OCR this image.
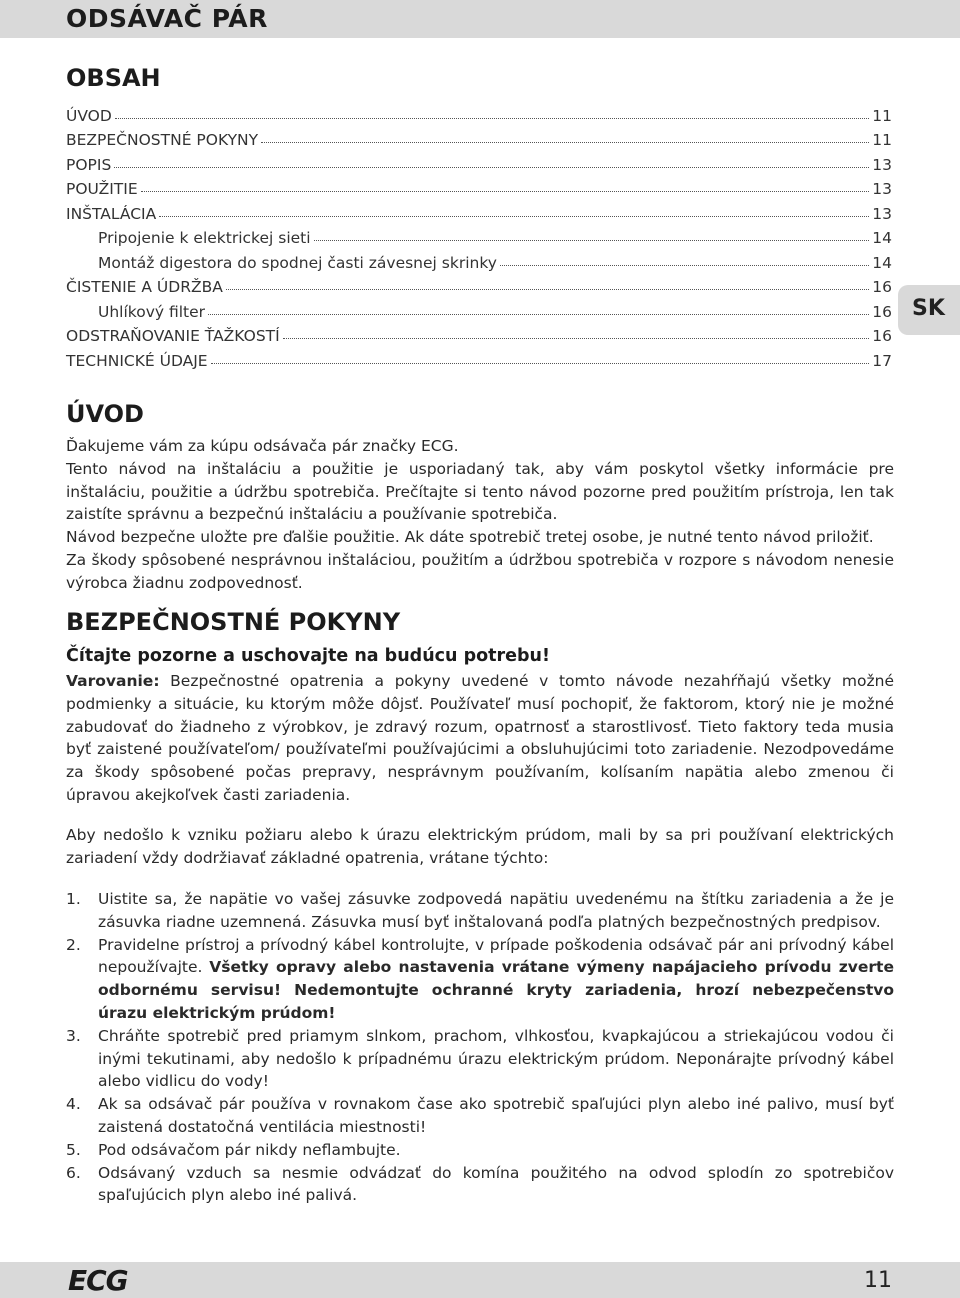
ODSÁVAČ PÁR
OBSAH
ÚVOD	11
BEZPEČNOSTNÉ POKYNY	11
POPIS	13
POUŽITIE	13
INŠTALÁCIA	13
Pripojenie k elektrickej sieti	14
Montáž digestora do spodnej časti závesnej skrinky	14
ČISTENIE A ÚDRŽBA	16
Uhlíkový filter	16
ODSTRAŇOVANIE ŤAŽKOSTÍ	16
TECHNICKÉ ÚDAJE	17
SK
ÚVOD

Ďakujeme vám za kúpu odsávača pár značky ECG.

Tento návod na inštaláciu a použitie je usporiadaný tak, aby vám poskytol všetky informácie pre inštaláciu, použitie a údržbu spotrebiča. Prečítajte si tento návod pozorne pred použitím prístroja, len tak zaistíte správnu a bezpečnú inštaláciu a používanie spotrebiča.

Návod bezpečne uložte pre ďalšie použitie. Ak dáte spotrebič tretej osobe, je nutné tento návod priložiť.

Za škody spôsobené nesprávnou inštaláciou, použitím a údržbou spotrebiča v rozpore s návodom nenesie výrobca žiadnu zodpovednosť.

BEZPEČNOSTNÉ POKYNY
Čítajte pozorne a uschovajte na budúcu potrebu!

Varovanie: Bezpečnostné opatrenia a pokyny uvedené v tomto návode nezahŕňajú všetky možné podmienky a situácie, ku ktorým môže dôjsť. Používateľ musí pochopiť, že faktorom, ktorý nie je možné zabudovať do žiadneho z výrobkov, je zdravý rozum, opatrnosť a starostlivosť. Tieto faktory teda musia byť zaistené používateľom/ používateľmi používajúcimi a obsluhujúcimi toto zariadenie. Nezodpovedáme za škody spôsobené počas prepravy, nesprávnym používaním, kolísaním napätia alebo zmenou či úpravou akejkoľvek časti zariadenia.

Aby nedošlo k vzniku požiaru alebo k úrazu elektrickým prúdom, mali by sa pri používaní elektrických zariadení vždy dodržiavať základné opatrenia, vrátane týchto:

1.	Uistite sa, že napätie vo vašej zásuvke zodpovedá napätiu uvedenému na štítku zariadenia a že je zásuvka riadne uzemnená. Zásuvka musí byť inštalovaná podľa platných bezpečnostných predpisov.
2.	Pravidelne prístroj a prívodný kábel kontrolujte, v prípade poškodenia odsávač pár ani prívodný kábel nepoužívajte. Všetky opravy alebo nastavenia vrátane výmeny napájacieho prívodu zverte odbornému servisu! Nedemontujte ochranné kryty zariadenia, hrozí nebezpečenstvo úrazu elektrickým prúdom!
3.	Chráňte spotrebič pred priamym slnkom, prachom, vlhkosťou, kvapkajúcou a striekajúcou vodou či inými tekutinami, aby nedošlo k prípadnému úrazu elektrickým prúdom. Neponárajte prívodný kábel alebo vidlicu do vody!
4.	Ak sa odsávač pár používa v rovnakom čase ako spotrebič spaľujúci plyn alebo iné palivo, musí byť zaistená dostatočná ventilácia miestnosti!
5.	Pod odsávačom pár nikdy neflambujte.
6.	Odsávaný vzduch sa nesmie odvádzať do komína použitého na odvod splodín zo spotrebičov spaľujúcich plyn alebo iné palivá.
ECG	11
